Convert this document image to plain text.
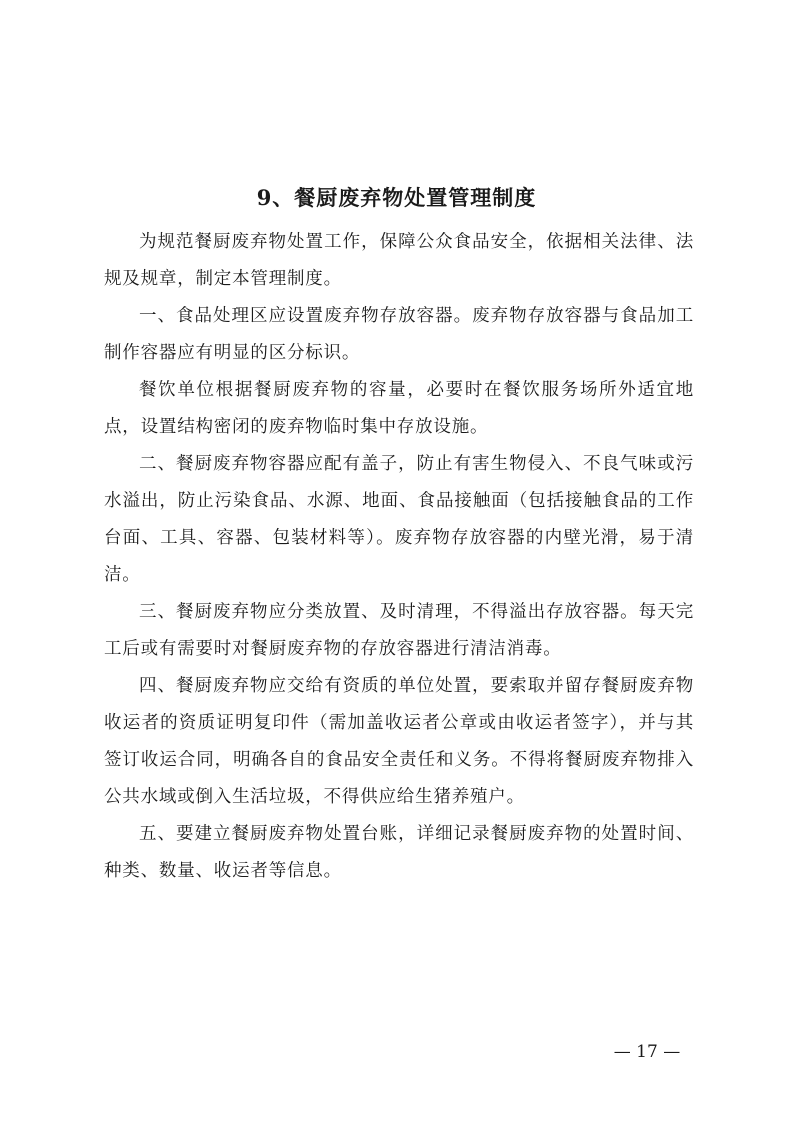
9、餐厨废弃物处置管理制度

为规范餐厨废弃物处置工作，保障公众食品安全，依据相关法律、法规及规章，制定本管理制度。

一、食品处理区应设置废弃物存放容器。废弃物存放容器与食品加工制作容器应有明显的区分标识。

餐饮单位根据餐厨废弃物的容量，必要时在餐饮服务场所外适宜地点，设置结构密闭的废弃物临时集中存放设施。

二、餐厨废弃物容器应配有盖子，防止有害生物侵入、不良气味或污水溢出，防止污染食品、水源、地面、食品接触面（包括接触食品的工作台面、工具、容器、包装材料等）。废弃物存放容器的内壁光滑，易于清洁。

三、餐厨废弃物应分类放置、及时清理，不得溢出存放容器。每天完工后或有需要时对餐厨废弃物的存放容器进行清洁消毒。

四、餐厨废弃物应交给有资质的单位处置，要索取并留存餐厨废弃物收运者的资质证明复印件（需加盖收运者公章或由收运者签字），并与其签订收运合同，明确各自的食品安全责任和义务。不得将餐厨废弃物排入公共水域或倒入生活垃圾，不得供应给生猪养殖户。

五、要建立餐厨废弃物处置台账，详细记录餐厨废弃物的处置时间、种类、数量、收运者等信息。

— 17 —
